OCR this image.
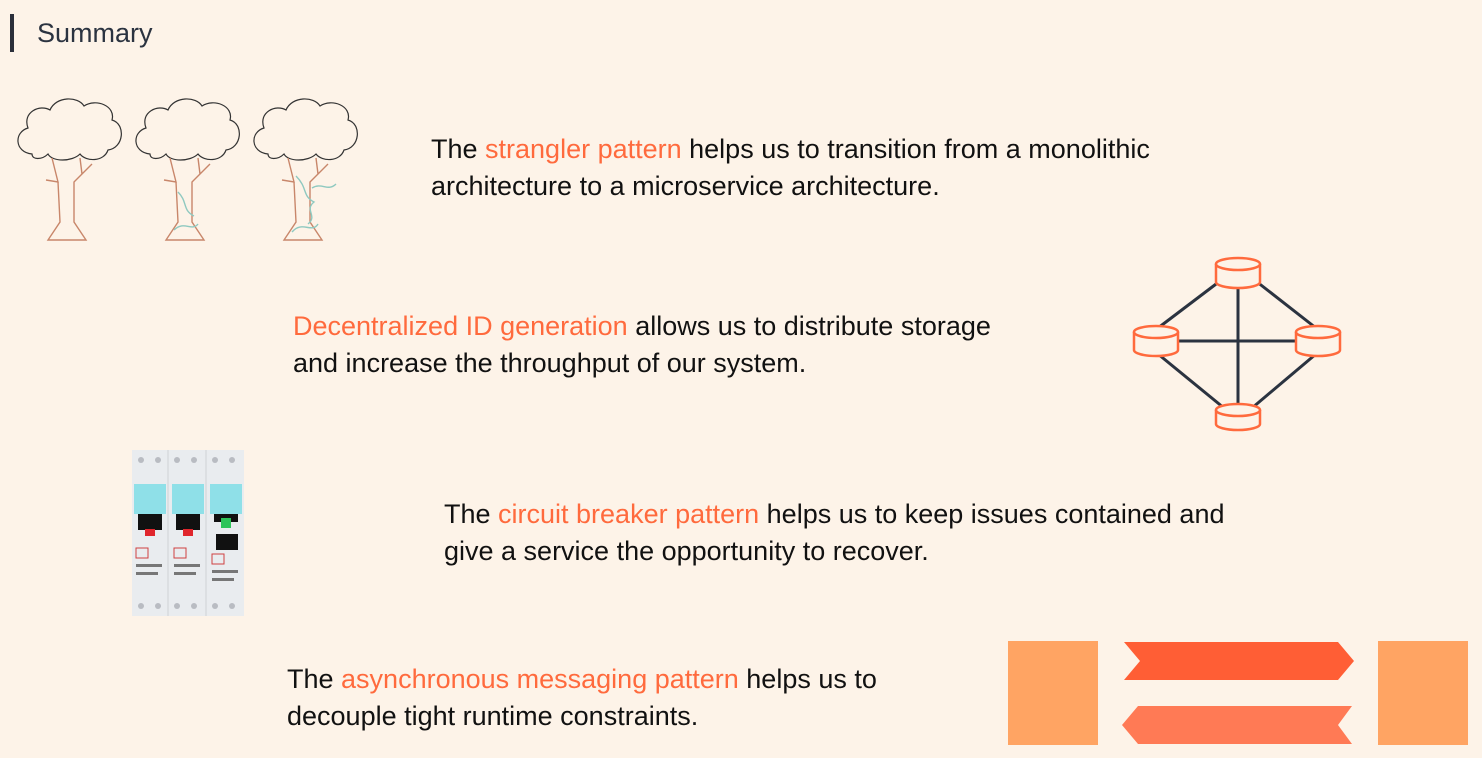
Summary
The strangler pattern helps us to transition from a monolithic
architecture to a microservice architecture.
Decentralized ID generation allows us to distribute storage
and increase the throughput of our system.
The circuit breaker pattern helps us to keep issues contained and
give a service the opportunity to recover.
The asynchronous messaging pattern helps us to
decouple tight runtime constraints.
